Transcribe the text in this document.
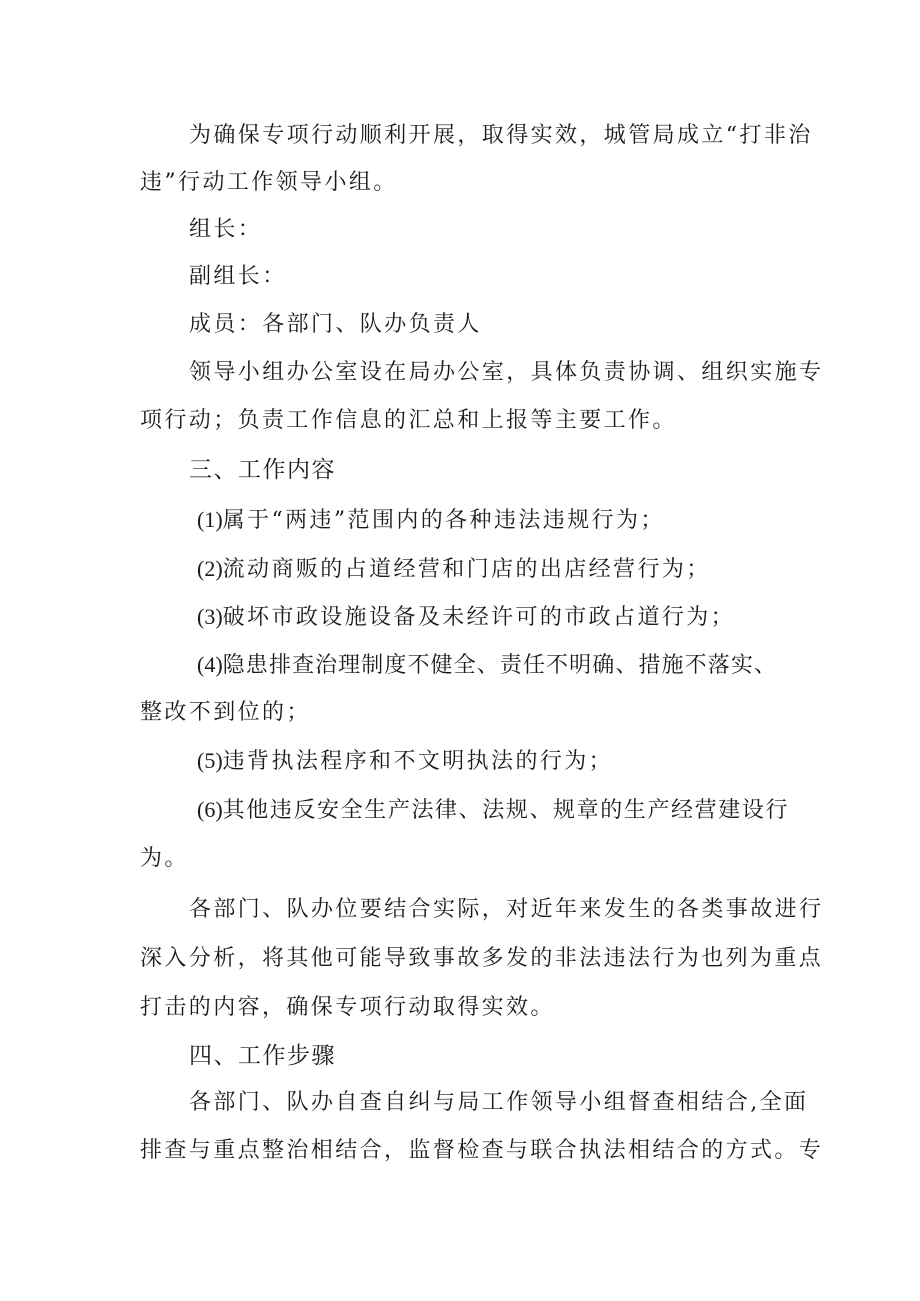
为确保专项行动顺利开展，取得实效，城管局成立“打非治
违”行动工作领导小组。
组长：
副组长：
成员：各部门、队办负责人
领导小组办公室设在局办公室，具体负责协调、组织实施专
项行动；负责工作信息的汇总和上报等主要工作。
三、工作内容
(1)属于“两违”范围内的各种违法违规行为；
(2)流动商贩的占道经营和门店的出店经营行为；
(3)破坏市政设施设备及未经许可的市政占道行为；
(4)隐患排查治理制度不健全、责任不明确、措施不落实、
整改不到位的；
(5)违背执法程序和不文明执法的行为；
(6)其他违反安全生产法律、法规、规章的生产经营建设行
为。
各部门、队办位要结合实际，对近年来发生的各类事故进行
深入分析，将其他可能导致事故多发的非法违法行为也列为重点
打击的内容，确保专项行动取得实效。
四、工作步骤
各部门、队办自查自纠与局工作领导小组督查相结合,全面
排查与重点整治相结合，监督检查与联合执法相结合的方式。专
